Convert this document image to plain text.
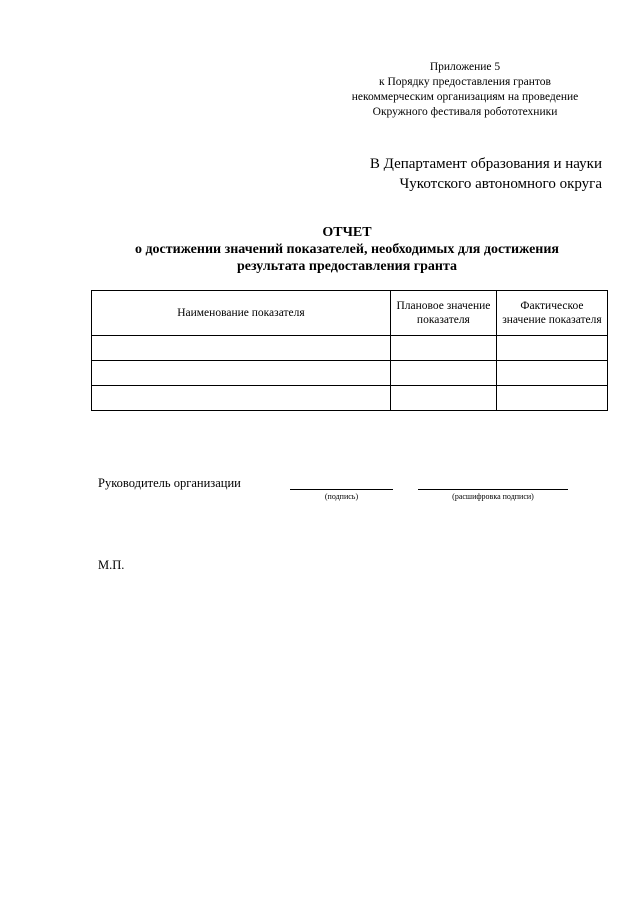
Приложение 5
к Порядку предоставления грантов
некоммерческим организациям на проведение
Окружного фестиваля робототехники
В Департамент образования и науки
Чукотского автономного округа
ОТЧЕТ
о достижении значений показателей, необходимых для достижения
результата предоставления гранта
Наименование показателя	Плановое значение показателя	Фактическое значение показателя

Руководитель организации
(подпись)	(расшифровка подписи)
М.П.
